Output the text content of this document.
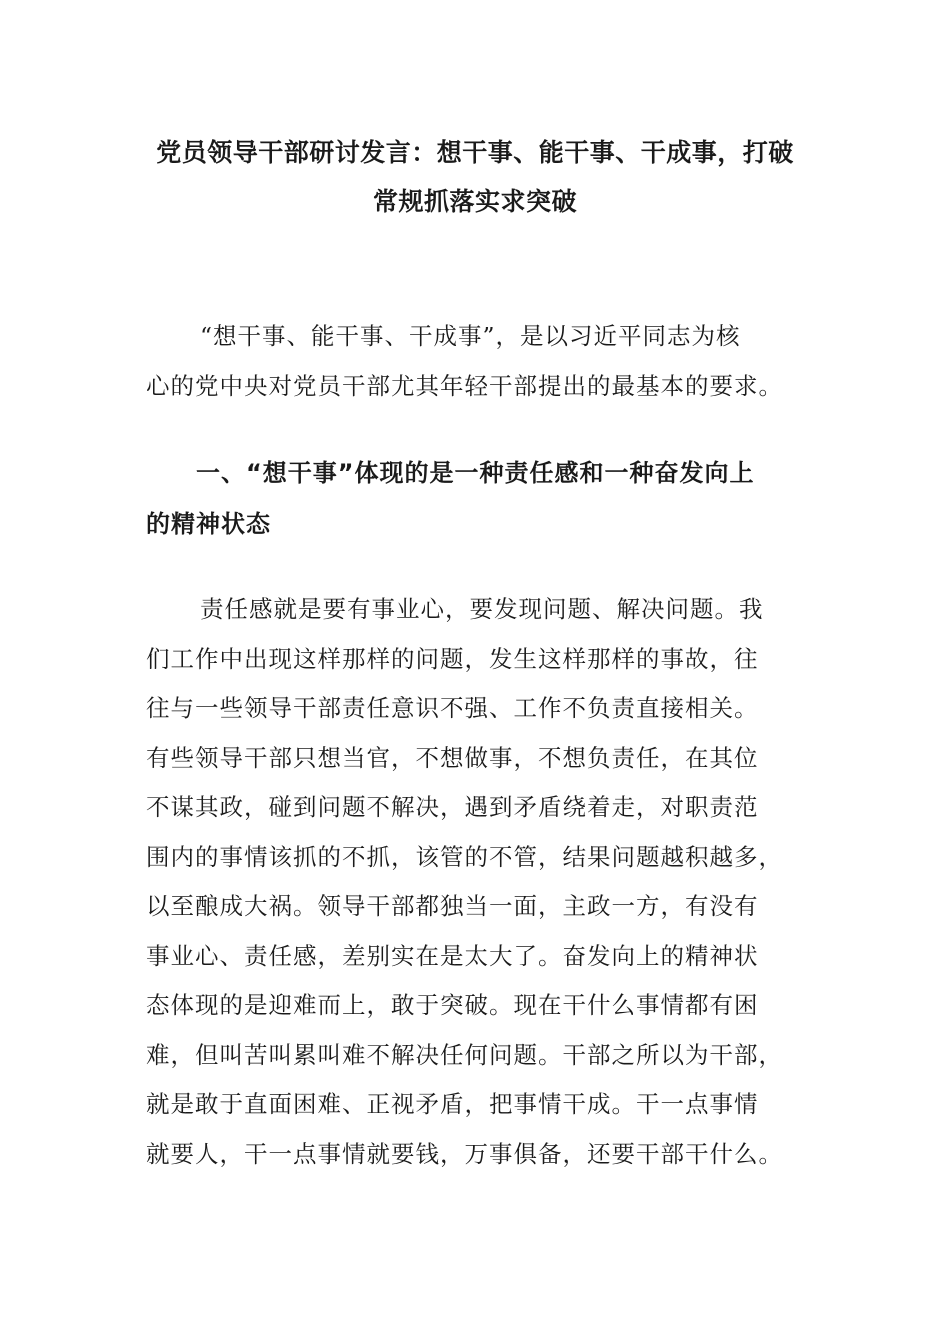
党员领导干部研讨发言：想干事、能干事、干成事，打破
常规抓落实求突破

“想干事、能干事、干成事”，是以习近平同志为核
心的党中央对党员干部尤其年轻干部提出的最基本的要求。

一、“想干事”体现的是一种责任感和一种奋发向上
的精神状态

责任感就是要有事业心，要发现问题、解决问题。我
们工作中出现这样那样的问题，发生这样那样的事故，往
往与一些领导干部责任意识不强、工作不负责直接相关。
有些领导干部只想当官，不想做事，不想负责任，在其位
不谋其政，碰到问题不解决，遇到矛盾绕着走，对职责范
围内的事情该抓的不抓，该管的不管，结果问题越积越多，
以至酿成大祸。领导干部都独当一面，主政一方，有没有
事业心、责任感，差别实在是太大了。奋发向上的精神状
态体现的是迎难而上，敢于突破。现在干什么事情都有困
难，但叫苦叫累叫难不解决任何问题。干部之所以为干部，
就是敢于直面困难、正视矛盾，把事情干成。干一点事情
就要人，干一点事情就要钱，万事俱备，还要干部干什么。
